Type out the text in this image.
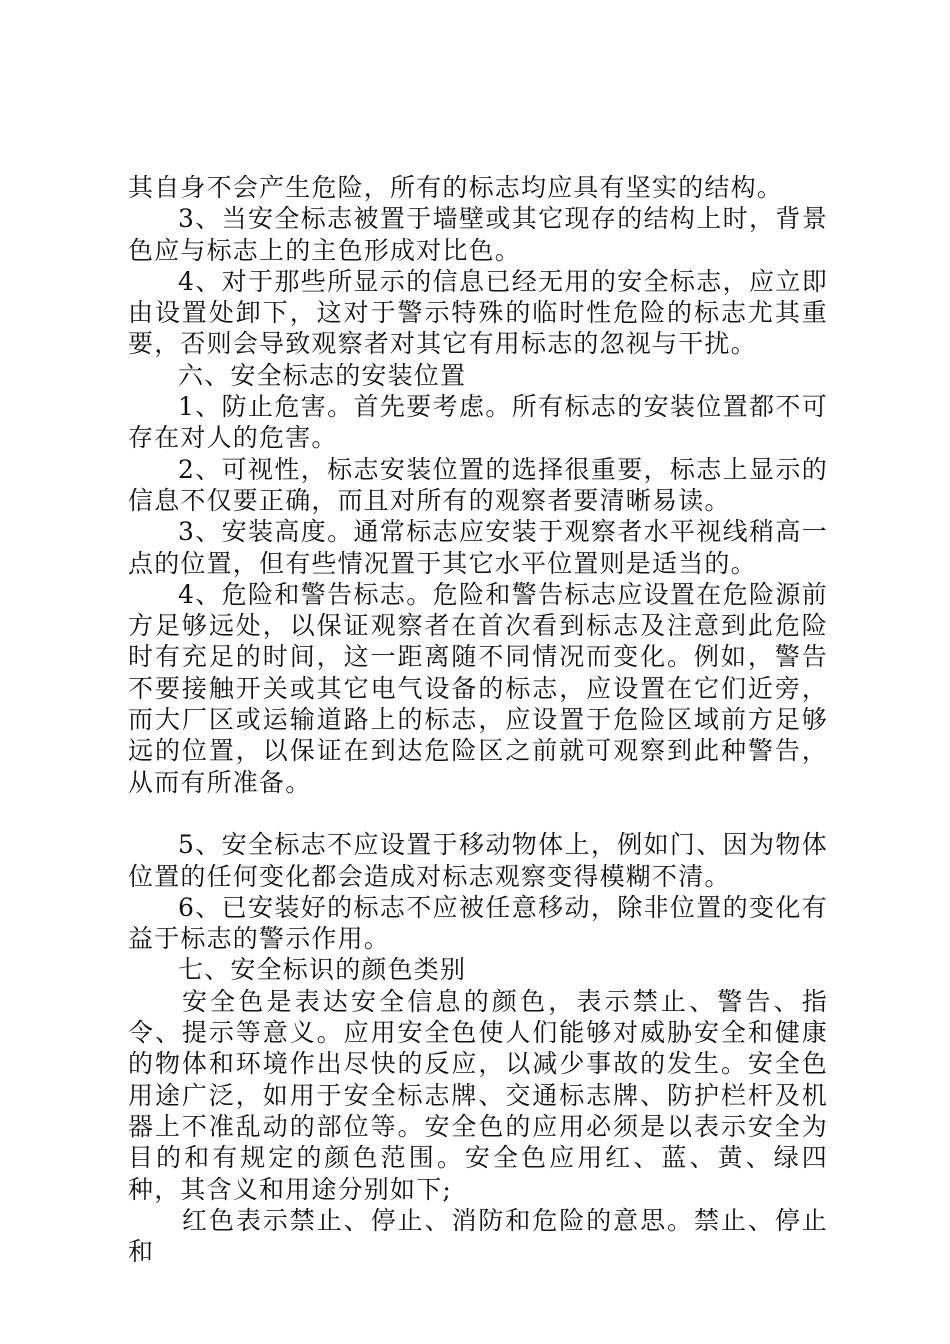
其自身不会产生危险，所有的标志均应具有坚实的结构。

3、当安全标志被置于墙壁或其它现存的结构上时，背景色应与标志上的主色形成对比色。

4、对于那些所显示的信息已经无用的安全标志，应立即由设置处卸下，这对于警示特殊的临时性危险的标志尤其重要，否则会导致观察者对其它有用标志的忽视与干扰。

六、安全标志的安装位置

1、防止危害。首先要考虑。所有标志的安装位置都不可存在对人的危害。

2、可视性，标志安装位置的选择很重要，标志上显示的信息不仅要正确，而且对所有的观察者要清晰易读。

3、安装高度。通常标志应安装于观察者水平视线稍高一点的位置，但有些情况置于其它水平位置则是适当的。

4、危险和警告标志。危险和警告标志应设置在危险源前方足够远处，以保证观察者在首次看到标志及注意到此危险时有充足的时间，这一距离随不同情况而变化。例如，警告不要接触开关或其它电气设备的标志，应设置在它们近旁，而大厂区或运输道路上的标志，应设置于危险区域前方足够远的位置，以保证在到达危险区之前就可观察到此种警告，从而有所准备。

5、安全标志不应设置于移动物体上，例如门、因为物体位置的任何变化都会造成对标志观察变得模糊不清。

6、已安装好的标志不应被任意移动，除非位置的变化有益于标志的警示作用。

七、安全标识的颜色类别

安全色是表达安全信息的颜色，表示禁止、警告、指令、提示等意义。应用安全色使人们能够对威胁安全和健康的物体和环境作出尽快的反应，以减少事故的发生。安全色用途广泛，如用于安全标志牌、交通标志牌、防护栏杆及机器上不准乱动的部位等。安全色的应用必须是以表示安全为目的和有规定的颜色范围。安全色应用红、蓝、黄、绿四种，其含义和用途分别如下;

红色表示禁止、停止、消防和危险的意思。禁止、停止和
